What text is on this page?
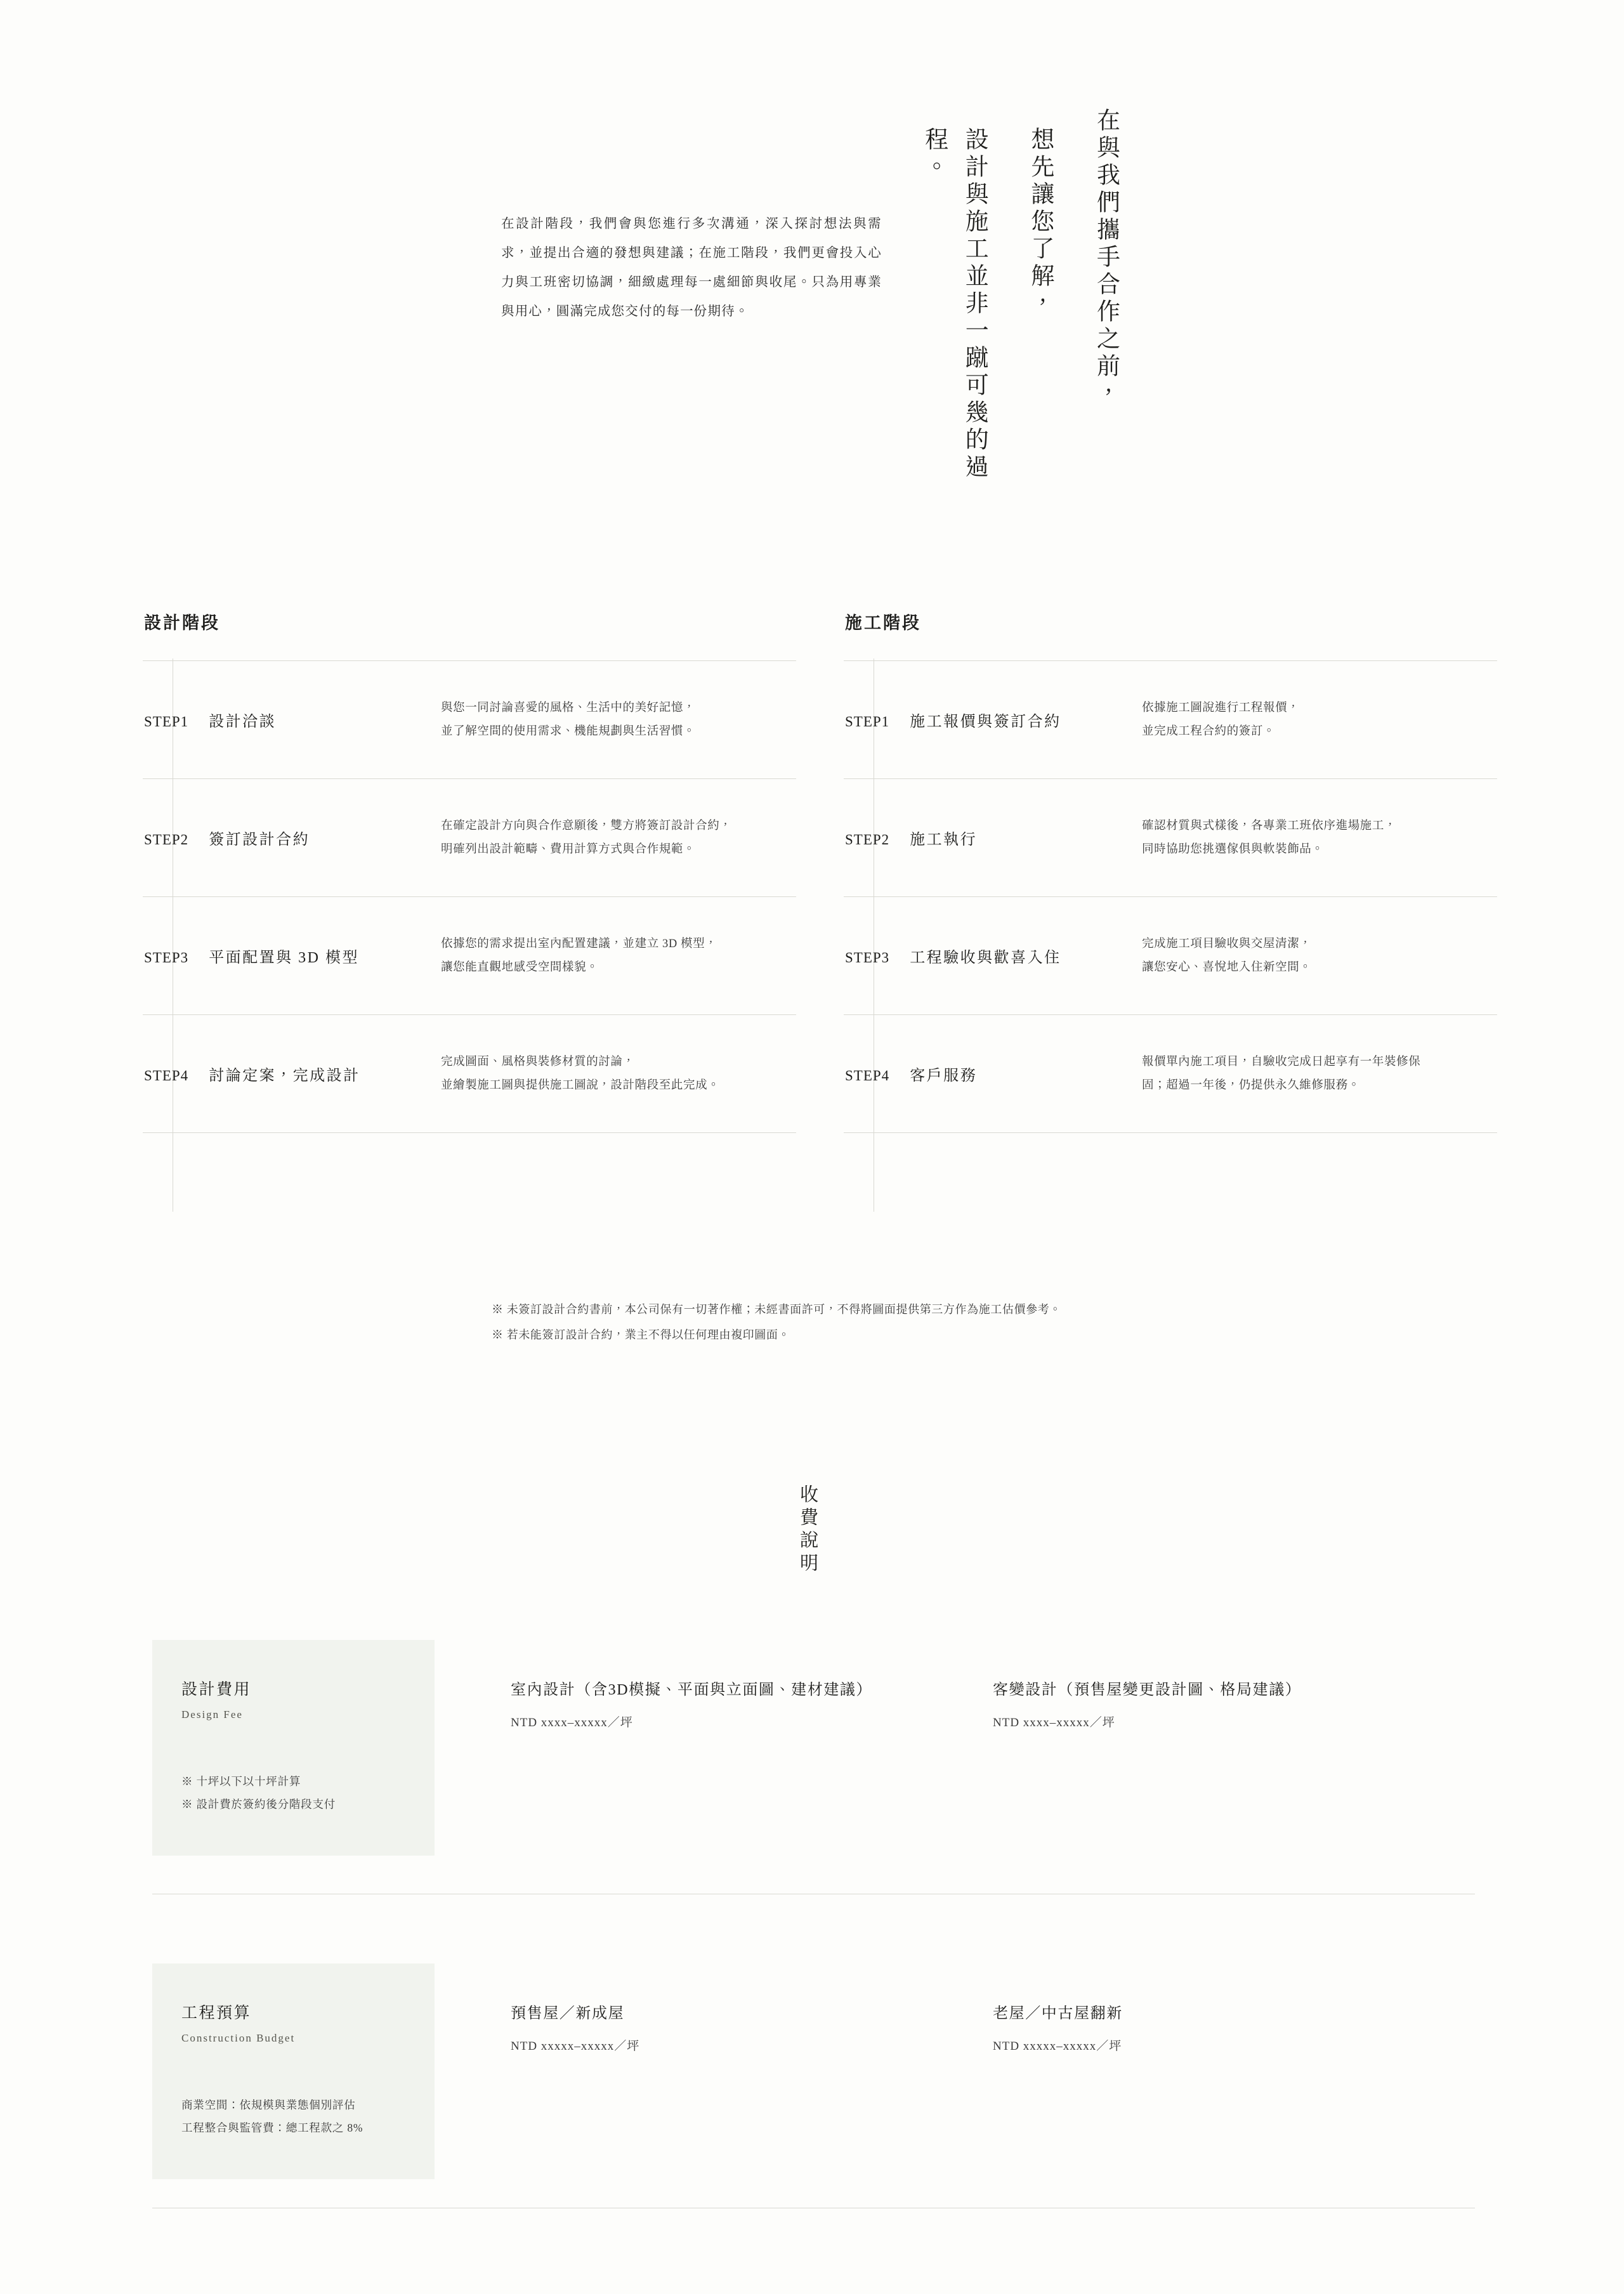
在與我們攜手合作之前，
想先讓您了解，
設計與施工並非一蹴可幾的過程。
在設計階段，我們會與您進行多次溝通，深入探討想法與需求，並提出合適的發想與建議；在施工階段，我們更會投入心力與工班密切協調，細緻處理每一處細節與收尾。只為用專業與用心，圓滿完成您交付的每一份期待。
設計階段
STEP1 設計洽談
與您一同討論喜愛的風格、生活中的美好記憶，
並了解空間的使用需求、機能規劃與生活習慣。
STEP2 簽訂設計合約
在確定設計方向與合作意願後，雙方將簽訂設計合約，
明確列出設計範疇、費用計算方式與合作規範。
STEP3 平面配置與 3D 模型
依據您的需求提出室內配置建議，並建立 3D 模型，
讓您能直觀地感受空間樣貌。
STEP4 討論定案，完成設計
完成圖面、風格與裝修材質的討論，
並繪製施工圖與提供施工圖說，設計階段至此完成。
施工階段
STEP1 施工報價與簽訂合約
依據施工圖說進行工程報價，
並完成工程合約的簽訂。
STEP2 施工執行
確認材質與式樣後，各專業工班依序進場施工，
同時協助您挑選傢俱與軟裝飾品。
STEP3 工程驗收與歡喜入住
完成施工項目驗收與交屋清潔，
讓您安心、喜悅地入住新空間。
STEP4 客戶服務
報價單內施工項目，自驗收完成日起享有一年裝修保
固；超過一年後，仍提供永久維修服務。
※ 未簽訂設計合約書前，本公司保有一切著作權；未經書面許可，不得將圖面提供第三方作為施工估價參考。
※ 若未能簽訂設計合約，業主不得以任何理由複印圖面。
收費說明
設計費用
Design Fee
※ 十坪以下以十坪計算
※ 設計費於簽約後分階段支付
室內設計（含3D模擬、平面與立面圖、建材建議）

NTD xxxx–xxxxx／坪

客變設計（預售屋變更設計圖、格局建議）

NTD xxxx–xxxxx／坪

工程預算
Construction Budget
商業空間：依規模與業態個別評估
工程整合與監管費：總工程款之 8%
預售屋／新成屋

NTD xxxxx–xxxxx／坪

老屋／中古屋翻新

NTD xxxxx–xxxxx／坪
